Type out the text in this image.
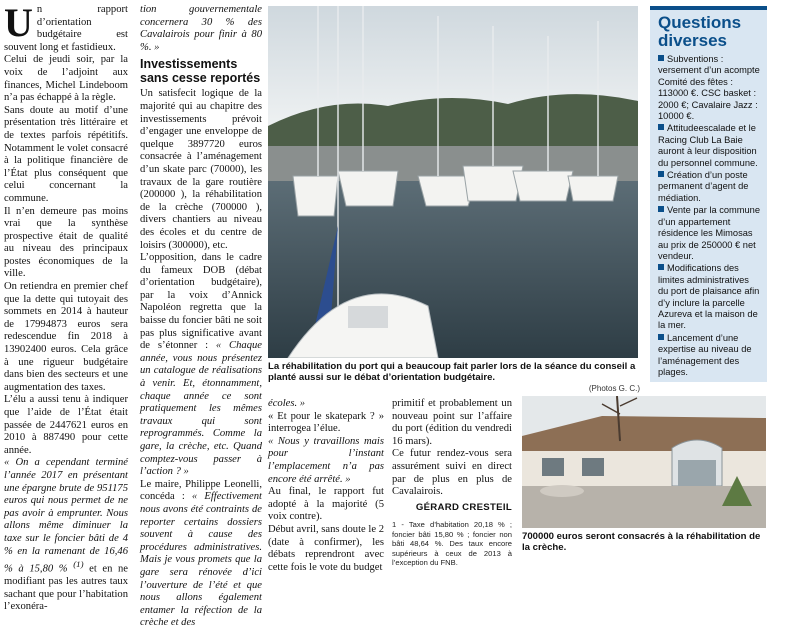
U n rapport d’orientation budgétaire est souvent long et fastidieux.

Celui de jeudi soir, par la voix de l’adjoint aux finances, Michel Lindeboom n’a pas échappé à la règle.

Sans doute au motif d’une présentation très littéraire et de textes parfois répétitifs. Notamment le volet consacré à la politique financière de l’État plus conséquent que celui concernant la commune.

Il n’en demeure pas moins vrai que la synthèse prospective était de qualité au niveau des principaux postes économiques de la ville.

On retiendra en premier chef que la dette qui tutoyait des sommets en 2014 à hauteur de 17994873 euros sera redescendue fin 2018 à 13902400 euros. Cela grâce à une rigueur budgétaire dans bien des secteurs et une augmentation des taxes.

L’élu a aussi tenu à indiquer que l’aide de l’État était passée de 2447621 euros en 2010 à 887490 pour cette année.

« On a cependant terminé l’année 2017 en présentant une épargne brute de 951175 euros qui nous permet de ne pas avoir à emprunter. Nous allons même diminuer la taxe sur le foncier bâti de 4 % en la ramenant de 16,46 % à 15,80 % $^{(1)}$ et en ne modifiant pas les autres taux sachant que pour l’habitation l’exonéra-

tion gouvernementale concernera 30 % des Cavalairois pour finir à 80 %. »

Investissements sans cesse reportés

Un satisfecit logique de la majorité qui au chapitre des investissements prévoit d’engager une enveloppe de quelque 3897720 euros consacrée à l’aménagement d’un skate parc (70000), les travaux de la gare routière (200000 ), la réhabilitation de la crèche (700000 ), divers chantiers au niveau des écoles et du centre de loisirs (300000), etc.

L’opposition, dans le cadre du fameux DOB (débat d’orientation budgétaire), par la voix d’Annick Napoléon regretta que la baisse du foncier bâti ne soit pas plus significative avant de s’étonner : « Chaque année, vous nous présentez un catalogue de réalisations à venir. Et, étonnamment, chaque année ce sont pratiquement les mêmes travaux qui sont reprogrammés. Comme la gare, la crèche, etc. Quand comptez-vous passer à l’action ? »

Le maire, Philippe Leonelli, concéda : « Effectivement nous avons été contraints de reporter certains dossiers souvent à cause des procédures administratives. Mais je vous promets que la gare sera rénovée d’ici l’ouverture de l’été et que nous allons également entamer la réfection de la crèche et des

écoles. »

« Et pour le skatepark ? » interrogea l’élue.

« Nous y travaillons mais pour l’instant l’emplacement n’a pas encore été arrêté. »

Au final, le rapport fut adopté à la majorité (5 voix contre).

Début avril, sans doute le 2 (date à confirmer), les débats reprendront avec cette fois le vote du budget

primitif et probablement un nouveau point sur l’affaire du port (édition du vendredi 16 mars).

Ce futur rendez-vous sera assurément suivi en direct par de plus en plus de Cavalairois.

GÉRARD CRESTEIL
1 - Taxe d’habitation 20,18 % ; foncier bâti 15,80 % ; foncier non bâti 48,64 %. Des taux encore supérieurs à ceux de 2013 à l’exception du FNB.
La réhabilitation du port qui a beaucoup fait parler lors de la séance du conseil a planté aussi sur le débat d’orientation budgétaire.
(Photos G. C.)
Questions diverses
Subventions : versement d’un acompte Comité des fêtes : 113000 €. CSC basket : 2000 €; Cavalaire Jazz : 10000 €.
Attitudeescalade et le Racing Club La Baie auront à leur disposition du personnel commune.
Création d’un poste permanent d’agent de médiation.
Vente par la commune d’un appartement résidence les Mimosas au prix de 250000 € net vendeur.
Modifications des limites administratives du port de plaisance afin d’y inclure la parcelle Azureva et la maison de la mer.
Lancement d’une expertise au niveau de l’aménagement des plages.
700000 euros seront consacrés à la réhabilitation de la crèche.
